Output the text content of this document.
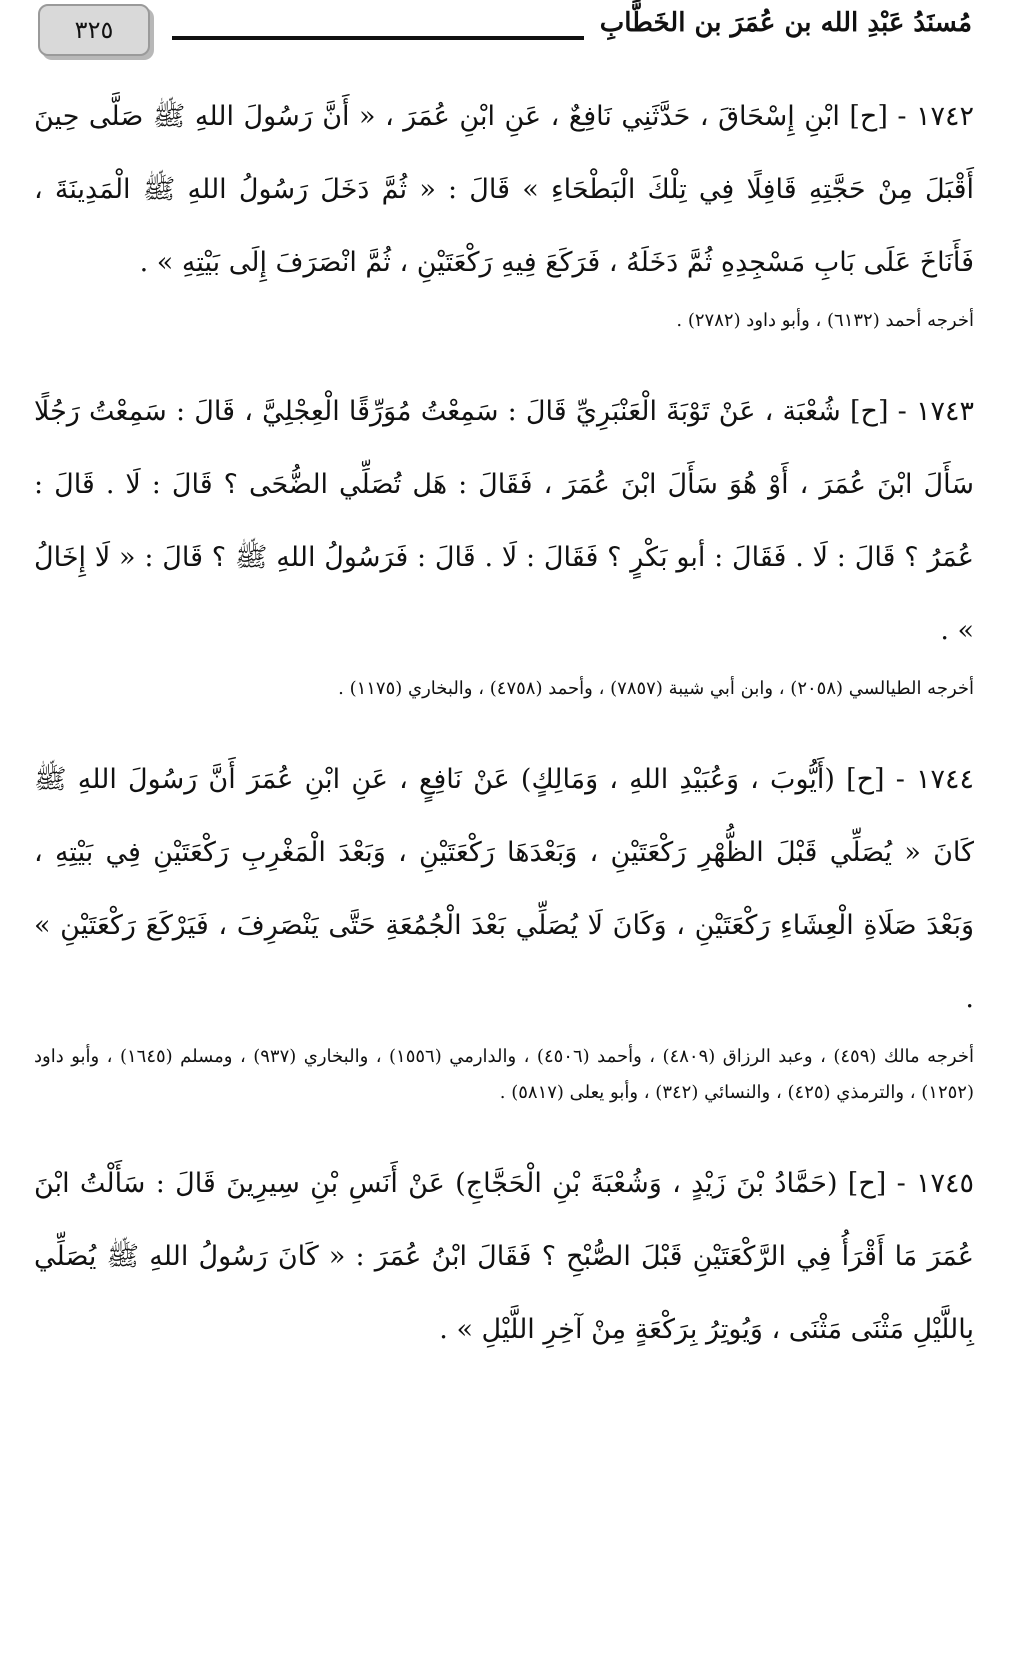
٣٢٥	مُسنَدُ عَبْدِ الله بن عُمَرَ بن الخَطَّابِ

١٧٤٢ - [ح] ابْنِ إِسْحَاقَ ، حَدَّثَنِي نَافِعٌ ، عَنِ ابْنِ عُمَرَ ، « أَنَّ رَسُولَ اللهِ ﷺ صَلَّى حِينَ أَقْبَلَ مِنْ حَجَّتِهِ قَافِلًا فِي تِلْكَ الْبَطْحَاءِ » قَالَ : « ثُمَّ دَخَلَ رَسُولُ اللهِ ﷺ الْمَدِينَةَ ، فَأَنَاخَ عَلَى بَابِ مَسْجِدِهِ ثُمَّ دَخَلَهُ ، فَرَكَعَ فِيهِ رَكْعَتَيْنِ ، ثُمَّ انْصَرَفَ إِلَى بَيْتِهِ » .

أخرجه أحمد (٦١٣٢) ، وأبو داود (٢٧٨٢) .

١٧٤٣ - [ح] شُعْبَة ، عَنْ تَوْبَةَ الْعَنْبَرِيِّ قَالَ : سَمِعْتُ مُوَرِّقًا الْعِجْلِيَّ ، قَالَ : سَمِعْتُ رَجُلًا سَأَلَ ابْنَ عُمَرَ ، أَوْ هُوَ سَأَلَ ابْنَ عُمَرَ ، فَقَالَ : هَل تُصَلِّي الضُّحَى ؟ قَالَ : لَا . قَالَ : عُمَرُ ؟ قَالَ : لَا . فَقَالَ : أبو بَكْرٍ ؟ فَقَالَ : لَا . قَالَ : فَرَسُولُ اللهِ ﷺ ؟ قَالَ : « لَا إِخَالُ » .

أخرجه الطيالسي (٢٠٥٨) ، وابن أبي شيبة (٧٨٥٧) ، وأحمد (٤٧٥٨) ، والبخاري (١١٧٥) .

١٧٤٤ - [ح] (أَيُّوبَ ، وَعُبَيْدِ اللهِ ، وَمَالِكٍ) عَنْ نَافِعٍ ، عَنِ ابْنِ عُمَرَ أَنَّ رَسُولَ اللهِ ﷺ كَانَ « يُصَلِّي قَبْلَ الظُّهْرِ رَكْعَتَيْنِ ، وَبَعْدَهَا رَكْعَتَيْنِ ، وَبَعْدَ الْمَغْرِبِ رَكْعَتَيْنِ فِي بَيْتِهِ ، وَبَعْدَ صَلَاةِ الْعِشَاءِ رَكْعَتَيْنِ ، وَكَانَ لَا يُصَلِّي بَعْدَ الْجُمُعَةِ حَتَّى يَنْصَرِفَ ، فَيَرْكَعَ رَكْعَتَيْنِ » .

أخرجه مالك (٤٥٩) ، وعبد الرزاق (٤٨٠٩) ، وأحمد (٤٥٠٦) ، والدارمي (١٥٥٦) ، والبخاري (٩٣٧) ، ومسلم (١٦٤٥) ، وأبو داود (١٢٥٢) ، والترمذي (٤٢٥) ، والنسائي (٣٤٢) ، وأبو يعلى (٥٨١٧) .

١٧٤٥ - [ح] (حَمَّادُ بْنَ زَيْدٍ ، وَشُعْبَةَ بْنِ الْحَجَّاجِ) عَنْ أَنَسِ بْنِ سِيرِينَ قَالَ : سَأَلْتُ ابْنَ عُمَرَ مَا أَقْرَأُ فِي الرَّكْعَتَيْنِ قَبْلَ الصُّبْحِ ؟ فَقَالَ ابْنُ عُمَرَ : « كَانَ رَسُولُ اللهِ ﷺ يُصَلِّي بِاللَّيْلِ مَثْنَى مَثْنَى ، وَيُوتِرُ بِرَكْعَةٍ مِنْ آخِرِ اللَّيْلِ » .
